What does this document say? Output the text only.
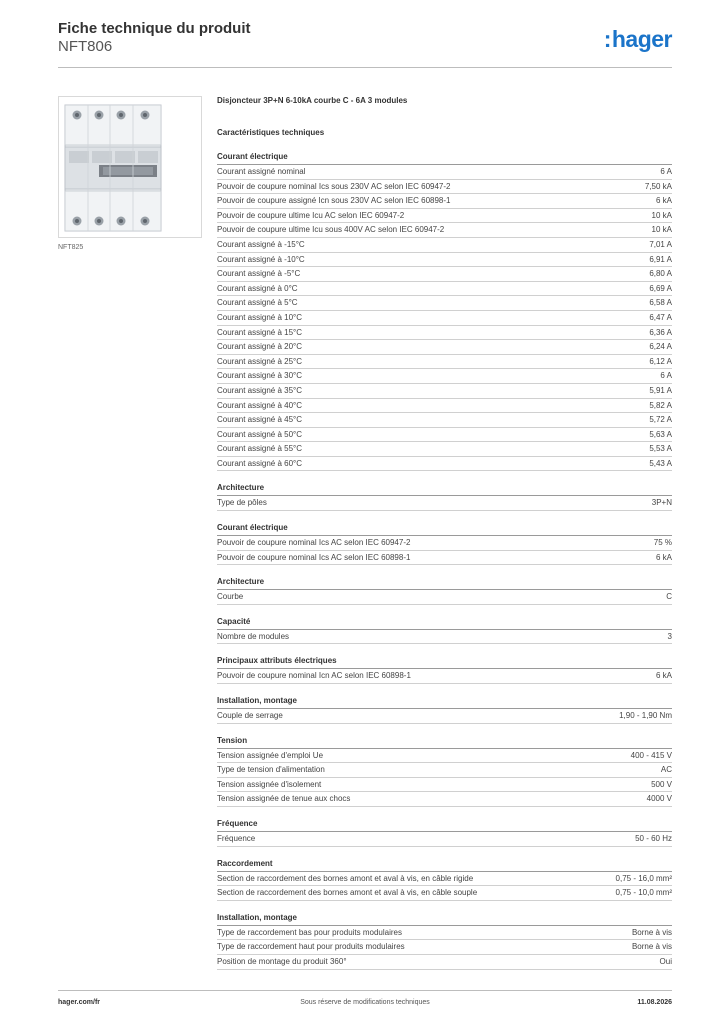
Fiche technique du produit
NFT806	:hager
NFT825
Disjoncteur 3P+N 6-10kA courbe C - 6A 3 modules
Caractéristiques techniques
Courant électrique
Courant assigné nominal	6 A
Pouvoir de coupure nominal Ics sous 230V AC selon IEC 60947-2	7,50 kA
Pouvoir de coupure assigné Icn sous 230V AC selon IEC 60898-1	6 kA
Pouvoir de coupure ultime Icu AC selon IEC 60947-2	10 kA
Pouvoir de coupure ultime Icu sous 400V AC selon IEC 60947-2	10 kA
Courant assigné à -15°C	7,01 A
Courant assigné à -10°C	6,91 A
Courant assigné à -5°C	6,80 A
Courant assigné à 0°C	6,69 A
Courant assigné à 5°C	6,58 A
Courant assigné à 10°C	6,47 A
Courant assigné à 15°C	6,36 A
Courant assigné à 20°C	6,24 A
Courant assigné à 25°C	6,12 A
Courant assigné à 30°C	6 A
Courant assigné à 35°C	5,91 A
Courant assigné à 40°C	5,82 A
Courant assigné à 45°C	5,72 A
Courant assigné à 50°C	5,63 A
Courant assigné à 55°C	5,53 A
Courant assigné à 60°C	5,43 A
Architecture
Type de pôles	3P+N
Courant électrique
Pouvoir de coupure nominal Ics AC selon IEC 60947-2	75 %
Pouvoir de coupure nominal Ics AC selon IEC 60898-1	6 kA
Architecture
Courbe	C
Capacité
Nombre de modules	3
Principaux attributs électriques
Pouvoir de coupure nominal Icn AC selon IEC 60898-1	6 kA
Installation, montage
Couple de serrage	1,90 - 1,90 Nm
Tension
Tension assignée d'emploi Ue	400 - 415 V
Type de tension d'alimentation	AC
Tension assignée d'isolement	500 V
Tension assignée de tenue aux chocs	4000 V
Fréquence
Fréquence	50 - 60 Hz
Raccordement
Section de raccordement des bornes amont et aval à vis, en câble rigide	0,75 - 16,0 mm²
Section de raccordement des bornes amont et aval à vis, en câble souple	0,75 - 10,0 mm²
Installation, montage
Type de raccordement bas pour produits modulaires	Borne à vis
Type de raccordement haut pour produits modulaires	Borne à vis
Position de montage du produit 360°	Oui
hager.com/fr	Sous réserve de modifications techniques	11.08.2026
